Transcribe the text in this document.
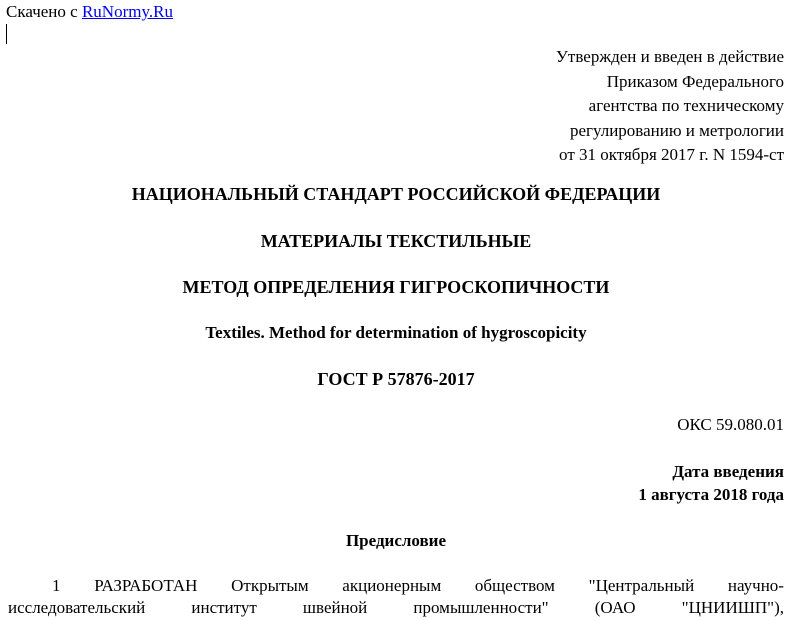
Скачено с RuNormy.Ru
Утвержден и введен в действие
Приказом Федерального
агентства по техническому
регулированию и метрологии
от 31 октября 2017 г. N 1594-ст
НАЦИОНАЛЬНЫЙ СТАНДАРТ РОССИЙСКОЙ ФЕДЕРАЦИИ
МАТЕРИАЛЫ ТЕКСТИЛЬНЫЕ
МЕТОД ОПРЕДЕЛЕНИЯ ГИГРОСКОПИЧНОСТИ
Textiles. Method for determination of hygroscopicity
ГОСТ Р 57876-2017
ОКС 59.080.01
Дата введения
1 августа 2018 года
Предисловие
1 РАЗРАБОТАН Открытым акционерным обществом "Центральный научно-
исследовательский	институт	швейной	промышленности"	(ОАО	"ЦНИИШП"),
